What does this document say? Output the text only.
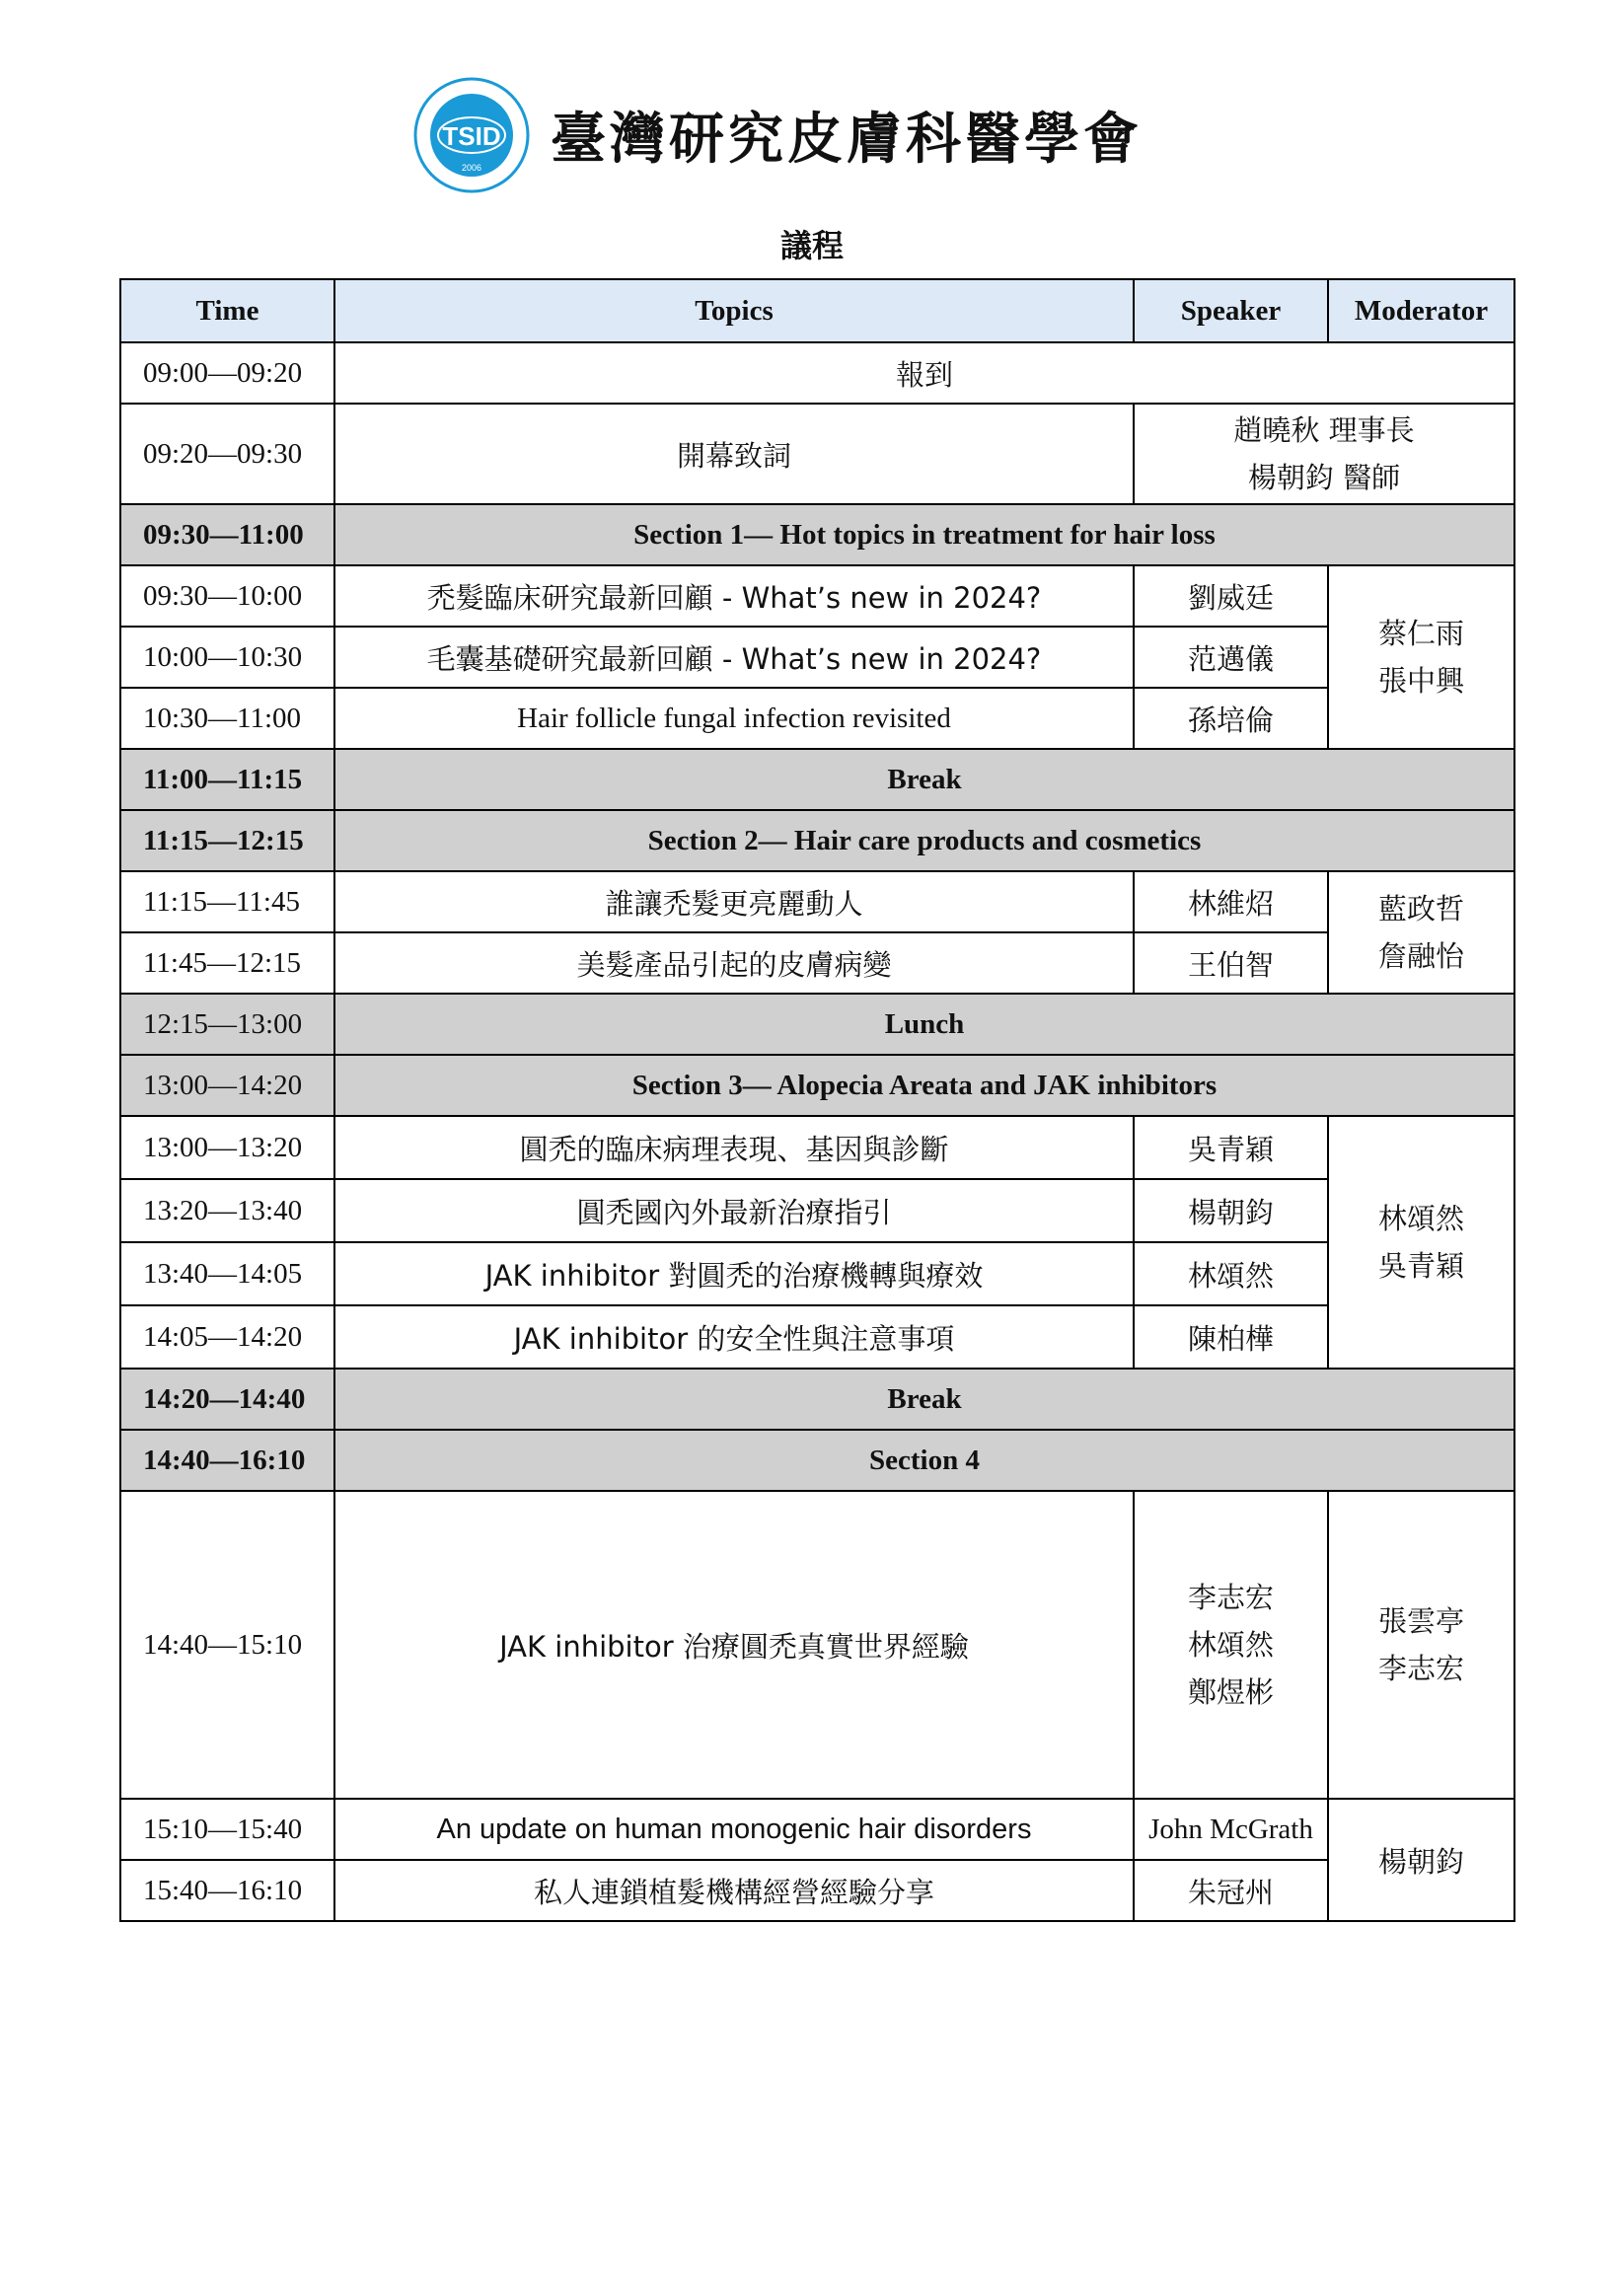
TSID
2006 臺灣研究皮膚科醫學會
議程
Time	Topics	Speaker	Moderator
09:00—09:20	報到		
09:20—09:30	開幕致詞	趙曉秋 理事長
楊朝鈞 醫師	

09:30—11:00	Section 1— Hot topics in treatment for hair loss		
09:30—10:00	禿髮臨床研究最新回顧 - What’s new in 2024?	劉威廷	蔡仁雨
張中興

10:00—10:30	毛囊基礎研究最新回顧 - What’s new in 2024?	范邁儀	
10:30—11:00	Hair follicle fungal infection revisited	孫培倫	
11:00—11:15	Break		
11:15—12:15	Section 2— Hair care products and cosmetics		
11:15—11:45	誰讓禿髮更亮麗動人	林維炤	藍政哲
詹融怡

11:45—12:15	美髮產品引起的皮膚病變	王伯智	
12:15—13:00	Lunch		
13:00—14:20	Section 3— Alopecia Areata and JAK inhibitors		
13:00—13:20	圓禿的臨床病理表現、基因與診斷	吳青穎	林頌然
吳青穎

13:20—13:40	圓禿國內外最新治療指引	楊朝鈞	
13:40—14:05	JAK inhibitor 對圓禿的治療機轉與療效	林頌然	
14:05—14:20	JAK inhibitor 的安全性與注意事項	陳柏樺	
14:20—14:40	Break		
14:40—16:10	Section 4		
14:40—15:10	JAK inhibitor 治療圓禿真實世界經驗	李志宏
林頌然
鄭煜彬	張雲亭
李志宏

15:10—15:40	An update on human monogenic hair disorders	John McGrath	楊朝鈞
15:40—16:10	私人連鎖植髮機構經營經驗分享	朱冠州	
